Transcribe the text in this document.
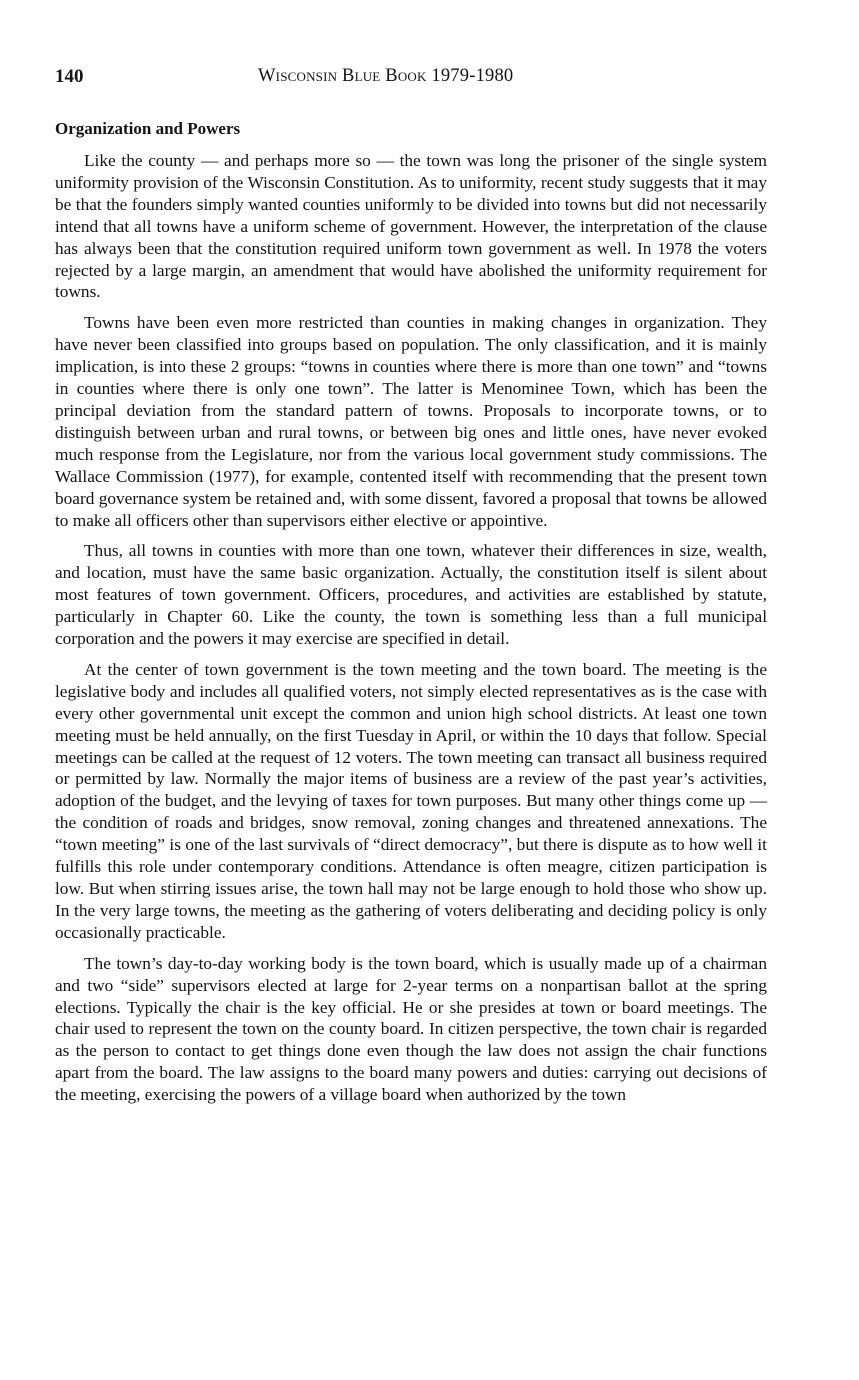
140	Wisconsin Blue Book 1979-1980
Organization and Powers

Like the county — and perhaps more so — the town was long the prisoner of the single system uniformity provision of the Wisconsin Constitution. As to uniformity, recent study suggests that it may be that the founders simply wanted counties uniformly to be divided into towns but did not necessarily intend that all towns have a uniform scheme of government. However, the interpretation of the clause has always been that the constitution required uniform town government as well. In 1978 the voters rejected by a large margin, an amendment that would have abolished the uniformity requirement for towns.

Towns have been even more restricted than counties in making changes in organization. They have never been classified into groups based on population. The only classification, and it is mainly implication, is into these 2 groups: “towns in counties where there is more than one town” and “towns in counties where there is only one town”. The latter is Menominee Town, which has been the principal deviation from the standard pattern of towns. Proposals to incorporate towns, or to distinguish between urban and rural towns, or between big ones and little ones, have never evoked much response from the Legislature, nor from the various local government study commissions. The Wallace Commission (1977), for example, contented itself with recommending that the present town board governance system be retained and, with some dissent, favored a proposal that towns be allowed to make all officers other than supervisors either elective or appointive.

Thus, all towns in counties with more than one town, whatever their differences in size, wealth, and location, must have the same basic organization. Actually, the constitution itself is silent about most features of town government. Officers, procedures, and activities are established by statute, particularly in Chapter 60. Like the county, the town is something less than a full municipal corporation and the powers it may exercise are specified in detail.

At the center of town government is the town meeting and the town board. The meeting is the legislative body and includes all qualified voters, not simply elected representatives as is the case with every other governmental unit except the common and union high school districts. At least one town meeting must be held annually, on the first Tuesday in April, or within the 10 days that follow. Special meetings can be called at the request of 12 voters. The town meeting can transact all business required or permitted by law. Normally the major items of business are a review of the past year’s activities, adoption of the budget, and the levying of taxes for town purposes. But many other things come up — the condition of roads and bridges, snow removal, zoning changes and threatened annexations. The “town meeting” is one of the last survivals of “direct democracy”, but there is dispute as to how well it fulfills this role under contemporary conditions. Attendance is often meagre, citizen participation is low. But when stirring issues arise, the town hall may not be large enough to hold those who show up. In the very large towns, the meeting as the gathering of voters deliberating and deciding policy is only occasionally practicable.

The town’s day-to-day working body is the town board, which is usually made up of a chairman and two “side” supervisors elected at large for 2-year terms on a nonpartisan ballot at the spring elections. Typically the chair is the key official. He or she presides at town or board meetings. The chair used to represent the town on the county board. In citizen perspective, the town chair is regarded as the person to contact to get things done even though the law does not assign the chair functions apart from the board. The law assigns to the board many powers and duties: carrying out decisions of the meeting, exercising the powers of a village board when authorized by the town
